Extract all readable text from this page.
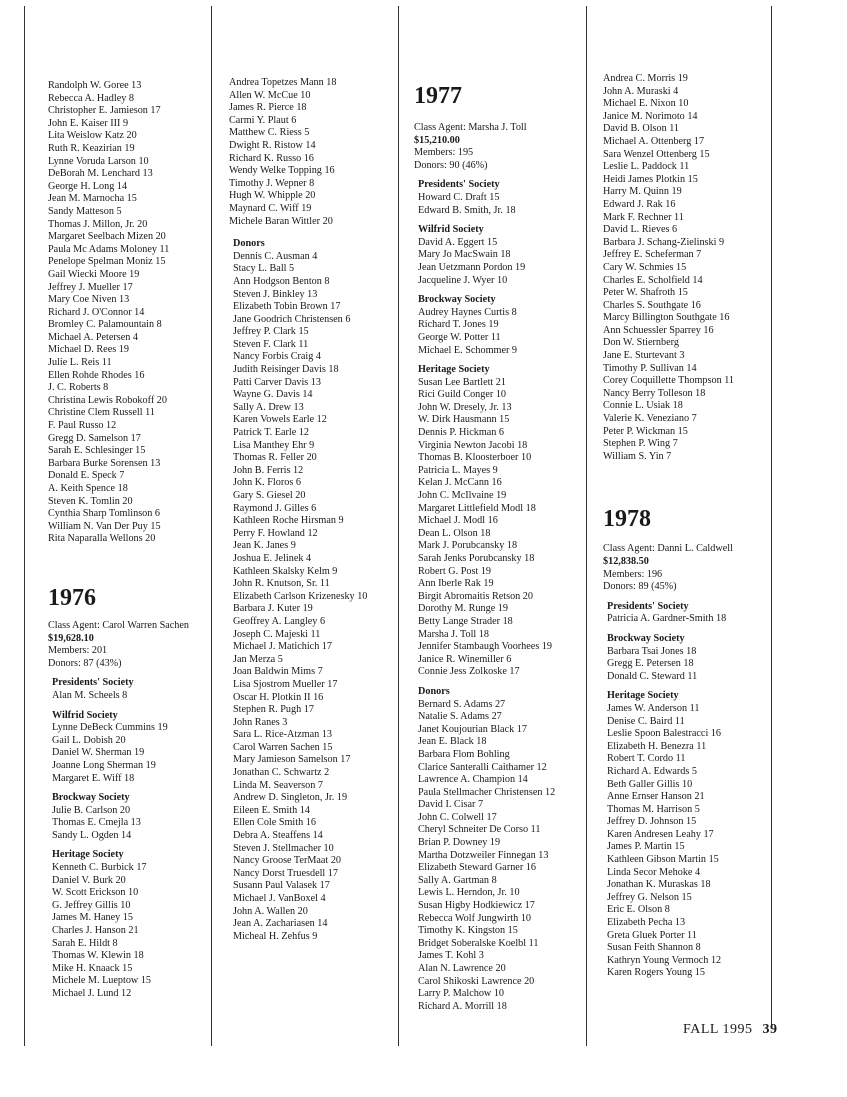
Randolph W. Goree 13

Rebecca A. Hadley 8

Christopher E. Jamieson 17

John E. Kaiser III 9

Lita Weislow Katz 20

Ruth R. Keazirian 19

Lynne Voruda Larson 10

DeBorah M. Lenchard 13

George H. Long 14

Jean M. Marnocha 15

Sandy Matteson 5

Thomas J. Millon, Jr. 20

Margaret Seelbach Mizen 20

Paula Mc Adams Moloney 11

Penelope Spelman Moniz 15

Gail Wiecki Moore 19

Jeffrey J. Mueller 17

Mary Coe Niven 13

Richard J. O'Connor 14

Bromley C. Palamountain 8

Michael A. Petersen 4

Michael D. Rees 19

Julie L. Reis 11

Ellen Rohde Rhodes 16

J. C. Roberts 8

Christina Lewis Robokoff 20

Christine Clem Russell 11

F. Paul Russo 12

Gregg D. Samelson 17

Sarah E. Schlesinger 15

Barbara Burke Sorensen 13

Donald E. Speck 7

A. Keith Spence 18

Steven K. Tomlin 20

Cynthia Sharp Tomlinson 6

William N. Van Der Puy 15

Rita Naparalla Wellons 20

1976

Class Agent: Carol Warren Sachen

$19,628.10

Members: 201

Donors: 87 (43%)

Presidents' Society

Alan M. Scheels 8

Wilfrid Society

Lynne DeBeck Cummins 19

Gail L. Dobish 20

Daniel W. Sherman 19

Joanne Long Sherman 19

Margaret E. Wiff 18

Brockway Society

Julie B. Carlson 20

Thomas E. Cmejla 13

Sandy L. Ogden 14

Heritage Society

Kenneth C. Burbick 17

Daniel V. Burk 20

W. Scott Erickson 10

G. Jeffrey Gillis 10

James M. Haney 15

Charles J. Hanson 21

Sarah E. Hildt 8

Thomas W. Klewin 18

Mike H. Knaack 15

Michele M. Lueptow 15

Michael J. Lund 12

Andrea Topetzes Mann 18

Allen W. McCue 10

James R. Pierce 18

Carmi Y. Plaut 6

Matthew C. Riess 5

Dwight R. Ristow 14

Richard K. Russo 16

Wendy Welke Topping 16

Timothy J. Wepner 8

Hugh W. Whipple 20

Maynard C. Wiff 19

Michele Baran Wittler 20

Donors

Dennis C. Ausman 4

Stacy L. Ball 5

Ann Hodgson Benton 8

Steven J. Binkley 13

Elizabeth Tobin Brown 17

Jane Goodrich Christensen 6

Jeffrey P. Clark 15

Steven F. Clark 11

Nancy Forbis Craig 4

Judith Reisinger Davis 18

Patti Carver Davis 13

Wayne G. Davis 14

Sally A. Drew 13

Karen Vowels Earle 12

Patrick T. Earle 12

Lisa Manthey Ehr 9

Thomas R. Feller 20

John B. Ferris 12

John K. Floros 6

Gary S. Giesel 20

Raymond J. Gilles 6

Kathleen Roche Hirsman 9

Perry F. Howland 12

Jean K. Janes 9

Joshua E. Jelinek 4

Kathleen Skalsky Kelm 9

John R. Knutson, Sr. 11

Elizabeth Carlson Krizenesky 10

Barbara J. Kuter 19

Geoffrey A. Langley 6

Joseph C. Majeski 11

Michael J. Matichich 17

Jan Merza 5

Joan Baldwin Mims 7

Lisa Sjostrom Mueller 17

Oscar H. Plotkin II 16

Stephen R. Pugh 17

John Ranes 3

Sara L. Rice-Atzman 13

Carol Warren Sachen 15

Mary Jamieson Samelson 17

Jonathan C. Schwartz 2

Linda M. Seaverson 7

Andrew D. Singleton, Jr. 19

Eileen E. Smith 14

Ellen Cole Smith 16

Debra A. Steaffens 14

Steven J. Stellmacher 10

Nancy Groose TerMaat 20

Nancy Dorst Truesdell 17

Susann Paul Valasek 17

Michael J. VanBoxel 4

John A. Wallen 20

Jean A. Zachariasen 14

Micheal H. Zehfus 9

1977

Class Agent: Marsha J. Toll

$15,210.00

Members: 195

Donors: 90 (46%)

Presidents' Society

Howard C. Draft 15

Edward B. Smith, Jr. 18

Wilfrid Society

David A. Eggert 15

Mary Jo MacSwain 18

Jean Uetzmann Pordon 19

Jacqueline J. Wyer 10

Brockway Society

Audrey Haynes Curtis 8

Richard T. Jones 19

George W. Potter 11

Michael E. Schommer 9

Heritage Society

Susan Lee Bartlett 21

Rici Guild Conger 10

John W. Dresely, Jr. 13

W. Dirk Hausmann 15

Dennis P. Hickman 6

Virginia Newton Jacobi 18

Thomas B. Kloosterboer 10

Patricia L. Mayes 9

Kelan J. McCann 16

John C. McIlvaine 19

Margaret Littlefield Modl 18

Michael J. Modl 16

Dean L. Olson 18

Mark J. Porubcansky 18

Sarah Jenks Porubcansky 18

Robert G. Post 19

Ann Iberle Rak 19

Birgit Abromaitis Retson 20

Dorothy M. Runge 19

Betty Lange Strader 18

Marsha J. Toll 18

Jennifer Stambaugh Voorhees 19

Janice R. Winemiller 6

Connie Jess Zolkoske 17

Donors

Bernard S. Adams 27

Natalie S. Adams 27

Janet Koujourian Black 17

Jean E. Black 18

Barbara Flom Bohling

Clarice Santeralli Caithamer 12

Lawrence A. Champion 14

Paula Stellmacher Christensen 12

David I. Cisar 7

John C. Colwell 17

Cheryl Schneiter De Corso 11

Brian P. Downey 19

Martha Dotzweiler Finnegan 13

Elizabeth Steward Garner 16

Sally A. Gartman 8

Lewis L. Herndon, Jr. 10

Susan Higby Hodkiewicz 17

Rebecca Wolf Jungwirth 10

Timothy K. Kingston 15

Bridget Soberalske Koelbl 11

James T. Kohl 3

Alan N. Lawrence 20

Carol Shikoski Lawrence 20

Larry P. Malchow 10

Richard A. Morrill 18

Andrea C. Morris 19

John A. Muraski 4

Michael E. Nixon 10

Janice M. Norimoto 14

David B. Olson 11

Michael A. Ottenberg 17

Sara Wenzel Ottenberg 15

Leslie L. Paddock 11

Heidi James Plotkin 15

Harry M. Quinn 19

Edward J. Rak 16

Mark F. Rechner 11

David L. Rieves 6

Barbara J. Schang-Zielinski 9

Jeffrey E. Scheferman 7

Cary W. Schmies 15

Charles E. Scholfield 14

Peter W. Shafroth 15

Charles S. Southgate 16

Marcy Billington Southgate 16

Ann Schuessler Sparrey 16

Don W. Stiernberg

Jane E. Sturtevant 3

Timothy P. Sullivan 14

Corey Coquillette Thompson 11

Nancy Berry Tolleson 18

Connie L. Usiak 18

Valerie K. Veneziano 7

Peter P. Wickman 15

Stephen P. Wing 7

William S. Yin 7

1978

Class Agent: Danni L. Caldwell

$12,838.50

Members: 196

Donors: 89 (45%)

Presidents' Society

Patricia A. Gardner-Smith 18

Brockway Society

Barbara Tsai Jones 18

Gregg E. Petersen 18

Donald C. Steward 11

Heritage Society

James W. Anderson 11

Denise C. Baird 11

Leslie Spoon Balestracci 16

Elizabeth H. Benezra 11

Robert T. Cordo 11

Richard A. Edwards 5

Beth Galler Gillis 10

Anne Ernser Hanson 21

Thomas M. Harrison 5

Jeffrey D. Johnson 15

Karen Andresen Leahy 17

James P. Martin 15

Kathleen Gibson Martin 15

Linda Secor Mehoke 4

Jonathan K. Muraskas 18

Jeffrey G. Nelson 15

Eric E. Olson 8

Elizabeth Pecha 13

Greta Gluek Porter 11

Susan Feith Shannon 8

Kathryn Young Vermoch 12

Karen Rogers Young 15

FALL 1995 39
